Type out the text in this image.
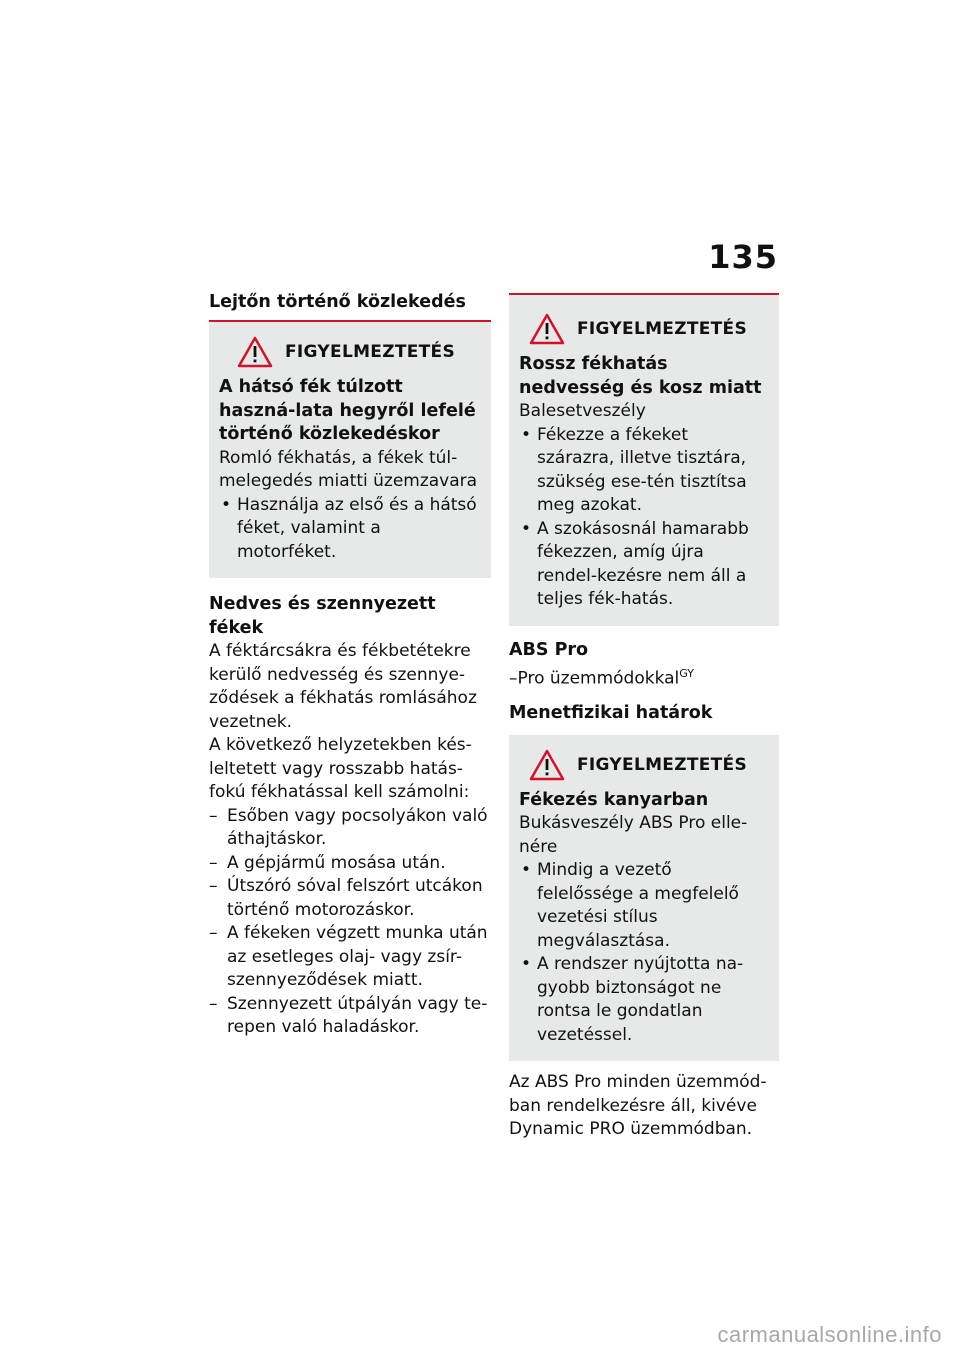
135
Lejtőn történő közlekedés
FIGYELMEZTETÉS
A hátsó fék túlzott haszná-lata hegyről lefelé történő közlekedéskor
Romló fékhatás, a fékek túl-melegedés miatti üzemzavara
• Használja az első és a hátsó féket, valamint a motorféket.
Nedves és szennyezett fékek
A féktárcsákra és fékbetétekre kerülő nedvesség és szennye-ződések a fékhatás romlásához vezetnek.
A következő helyzetekben kés-leltetett vagy rosszabb hatás-fokú fékhatással kell számolni:
– Esőben vagy pocsolyákon való áthajtáskor.
– A gépjármű mosása után.
– Útszóró sóval felszórt utcákon történő motorozáskor.
– A fékeken végzett munka után az esetleges olaj- vagy zsír-szennyeződések miatt.
– Szennyezett útpályán vagy te-repen való haladáskor.
FIGYELMEZTETÉS
Rossz fékhatás nedvesség és kosz miatt
Balesetveszély
• Fékezze a fékeket szárazra, illetve tisztára, szükség ese-tén tisztítsa meg azokat.
• A szokásosnál hamarabb fékezzen, amíg újra rendel-kezésre nem áll a teljes fék-hatás.
ABS Pro
–Pro üzemmódokkal$^{GY}$
Menetfizikai határok
FIGYELMEZTETÉS
Fékezés kanyarban
Bukásveszély ABS Pro elle-nére
• Mindig a vezető felelőssége a megfelelő vezetési stílus megválasztása.
• A rendszer nyújtotta na-gyobb biztonságot ne rontsa le gondatlan vezetéssel.
Az ABS Pro minden üzemmód-ban rendelkezésre áll, kivéve Dynamic PRO üzemmódban.
carmanualsonline.info
